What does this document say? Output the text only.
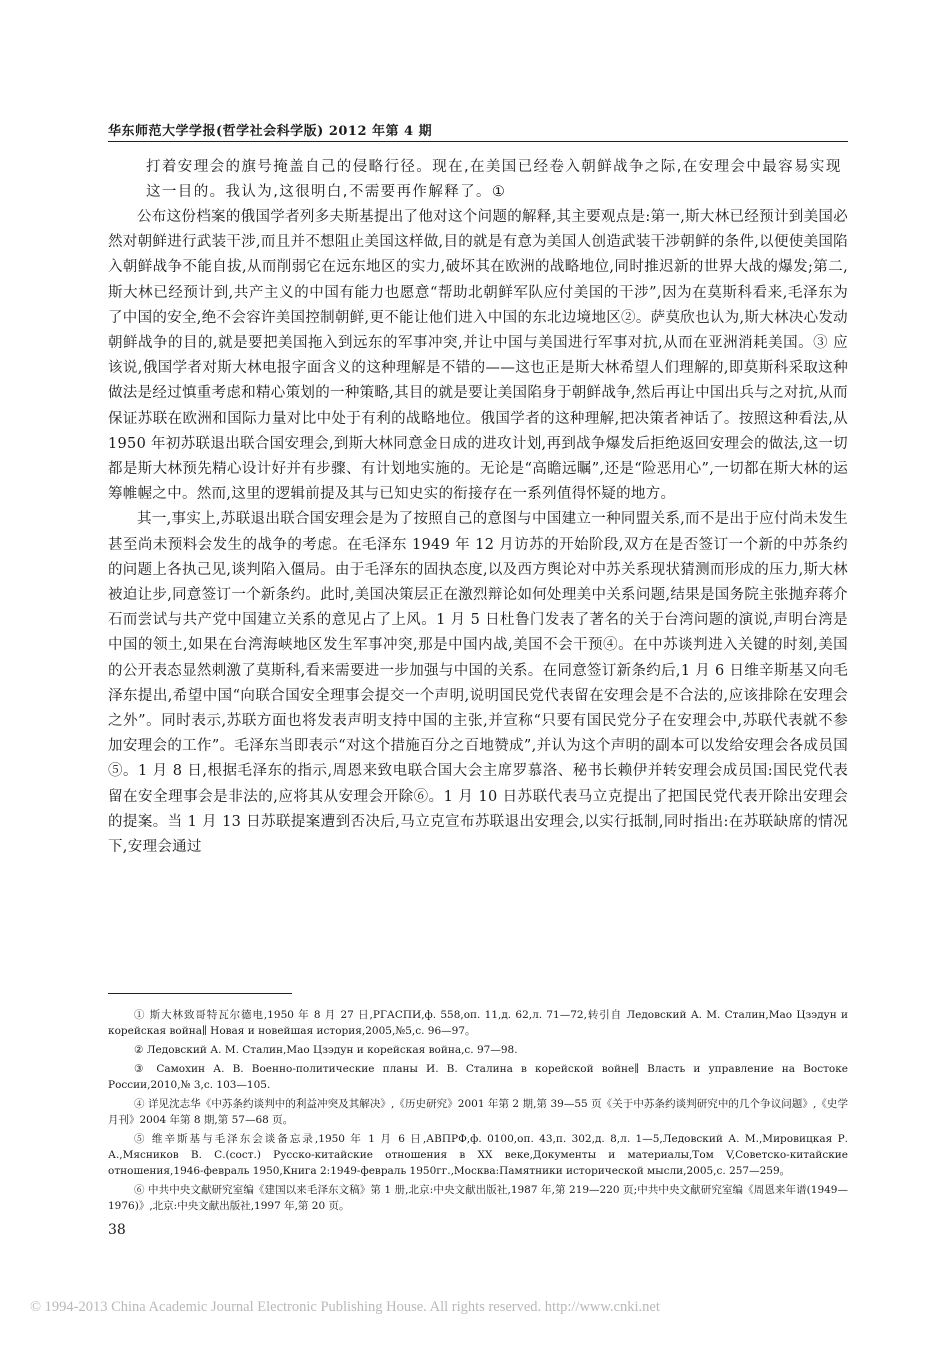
华东师范大学学报(哲学社会科学版) 2012 年第 4 期

打着安理会的旗号掩盖自己的侵略行径。现在,在美国已经卷入朝鲜战争之际,在安理会中最容易实现这一目的。我认为,这很明白,不需要再作解释了。①

公布这份档案的俄国学者列多夫斯基提出了他对这个问题的解释,其主要观点是:第一,斯大林已经预计到美国必然对朝鲜进行武装干涉,而且并不想阻止美国这样做,目的就是有意为美国人创造武装干涉朝鲜的条件,以便使美国陷入朝鲜战争不能自拔,从而削弱它在远东地区的实力,破坏其在欧洲的战略地位,同时推迟新的世界大战的爆发;第二,斯大林已经预计到,共产主义的中国有能力也愿意“帮助北朝鲜军队应付美国的干涉”,因为在莫斯科看来,毛泽东为了中国的安全,绝不会容许美国控制朝鲜,更不能让他们进入中国的东北边境地区②。萨莫欣也认为,斯大林决心发动朝鲜战争的目的,就是要把美国拖入到远东的军事冲突,并让中国与美国进行军事对抗,从而在亚洲消耗美国。③ 应该说,俄国学者对斯大林电报字面含义的这种理解是不错的——这也正是斯大林希望人们理解的,即莫斯科采取这种做法是经过慎重考虑和精心策划的一种策略,其目的就是要让美国陷身于朝鲜战争,然后再让中国出兵与之对抗,从而保证苏联在欧洲和国际力量对比中处于有利的战略地位。俄国学者的这种理解,把决策者神话了。按照这种看法,从 1950 年初苏联退出联合国安理会,到斯大林同意金日成的进攻计划,再到战争爆发后拒绝返回安理会的做法,这一切都是斯大林预先精心设计好并有步骤、有计划地实施的。无论是“高瞻远瞩”,还是“险恶用心”,一切都在斯大林的运筹帷幄之中。然而,这里的逻辑前提及其与已知史实的衔接存在一系列值得怀疑的地方。

其一,事实上,苏联退出联合国安理会是为了按照自己的意图与中国建立一种同盟关系,而不是出于应付尚未发生甚至尚未预料会发生的战争的考虑。在毛泽东 1949 年 12 月访苏的开始阶段,双方在是否签订一个新的中苏条约的问题上各执己见,谈判陷入僵局。由于毛泽东的固执态度,以及西方舆论对中苏关系现状猜测而形成的压力,斯大林被迫让步,同意签订一个新条约。此时,美国决策层正在激烈辩论如何处理美中关系问题,结果是国务院主张抛弃蒋介石而尝试与共产党中国建立关系的意见占了上风。1 月 5 日杜鲁门发表了著名的关于台湾问题的演说,声明台湾是中国的领土,如果在台湾海峡地区发生军事冲突,那是中国内战,美国不会干预④。在中苏谈判进入关键的时刻,美国的公开表态显然刺激了莫斯科,看来需要进一步加强与中国的关系。在同意签订新条约后,1 月 6 日维辛斯基又向毛泽东提出,希望中国“向联合国安全理事会提交一个声明,说明国民党代表留在安理会是不合法的,应该排除在安理会之外”。同时表示,苏联方面也将发表声明支持中国的主张,并宣称“只要有国民党分子在安理会中,苏联代表就不参加安理会的工作”。毛泽东当即表示“对这个措施百分之百地赞成”,并认为这个声明的副本可以发给安理会各成员国⑤。1 月 8 日,根据毛泽东的指示,周恩来致电联合国大会主席罗慕洛、秘书长赖伊并转安理会成员国:国民党代表留在安全理事会是非法的,应将其从安理会开除⑥。1 月 10 日苏联代表马立克提出了把国民党代表开除出安理会的提案。当 1 月 13 日苏联提案遭到否决后,马立克宣布苏联退出安理会,以实行抵制,同时指出:在苏联缺席的情况下,安理会通过

① 斯大林致哥特瓦尔德电,1950 年 8 月 27 日,РГАСПИ,ф. 558,оп. 11,д. 62,л. 71—72,转引自 Ледовский А. М. Сталин,Мао Цзэдун и корейская война∥ Новая и новейшая история,2005,№5,с. 96—97。

② Ледовский А. М. Сталин,Мао Цзэдун и корейская война,с. 97—98.

③ Самохин А. В. Военно-политические планы И. В. Сталина в корейской войне∥ Власть и управление на Востоке России,2010,№ 3,с. 103—105.

④ 详见沈志华《中苏条约谈判中的利益冲突及其解决》,《历史研究》2001 年第 2 期,第 39—55 页《关于中苏条约谈判研究中的几个争议问题》,《史学月刊》2004 年第 8 期,第 57—68 页。

⑤ 维辛斯基与毛泽东会谈备忘录,1950 年 1 月 6 日,АВПРФ,ф. 0100,оп. 43,п. 302,д. 8,л. 1—5,Ледовский А. М.,Мировицкая Р. А.,Мясников В. С.(сост.) Русско-китайские отношения в XX веке,Документы и материалы,Том V,Советско-китайские отношения,1946-февраль 1950,Книга 2:1949-февраль 1950гг.,Москва:Памятники исторической мысли,2005,с. 257—259。

⑥ 中共中央文献研究室编《建国以来毛泽东文稿》第 1 册,北京:中央文献出版社,1987 年,第 219—220 页;中共中央文献研究室编《周恩来年谱(1949—1976)》,北京:中央文献出版社,1997 年,第 20 页。

38
© 1994-2013 China Academic Journal Electronic Publishing House. All rights reserved. http://www.cnki.net
